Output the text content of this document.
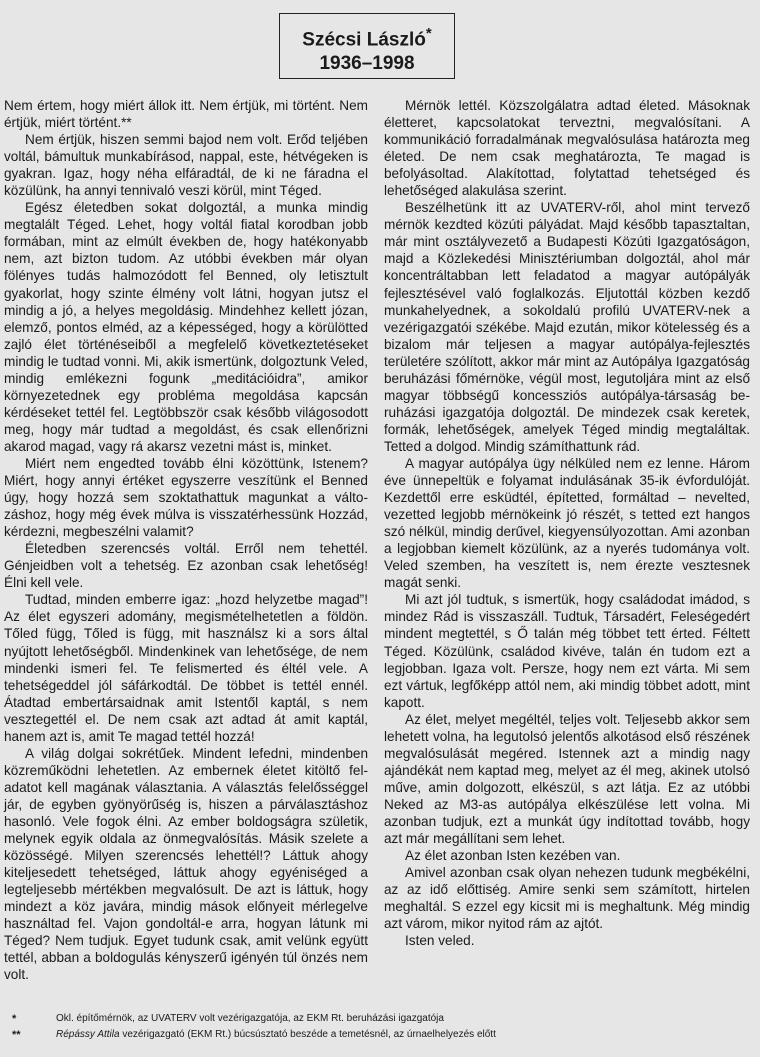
Szécsi László*
1936–1998

Nem értem, hogy miért állok itt. Nem értjük, mi történt. Nem értjük, miért történt.**

Nem értjük, hiszen semmi bajod nem volt. Erőd teljében voltál, bámultuk munkabírásod, nappal, este, hétvégeken is gyakran. Igaz, hogy néha elfáradtál, de ki ne fáradna el közülünk, ha annyi tennivaló veszi körül, mint Téged.

Egész életedben sokat dolgoztál, a munka mindig megtalált Téged. Lehet, hogy voltál fiatal korodban jobb formában, mint az elmúlt években de, hogy hatékonyabb nem, azt bizton tudom. Az utóbbi években már olyan fölényes tudás halmozódott fel Benned, oly letisztult gyakorlat, hogy szinte élmény volt látni, hogyan jutsz el mindig a jó, a helyes megoldásig. Mindehhez kellett józan, elemző, pontos elméd, az a képességed, hogy a körülötted zajló élet történéseiből a megfelelő következtetéseket mindig le tudtad vonni. Mi, akik ismertünk, dolgoztunk Veled, mindig emlékezni fogunk „meditációidra”, amikor környezetednek egy probléma megoldása kapcsán kérdéseket tettél fel. Legtöbbször csak később világosodott meg, hogy már tudtad a megoldást, és csak ellenőrizni akarod magad, vagy rá akarsz vezetni mást is, minket.

Miért nem engedted tovább élni közöttünk, Istenem? Miért, hogy annyi értéket egyszerre veszítünk el Benned úgy, hogy hozzá sem szoktathattuk magunkat a változáshoz, hogy még évek múlva is visszatérhessünk Hozzád, kérdezni, megbeszélni valamit?

Életedben szerencsés voltál. Erről nem tehettél. Génjeidben volt a tehetség. Ez azonban csak lehetőség! Élni kell vele.

Tudtad, minden emberre igaz: „hozd helyzetbe magad”! Az élet egyszeri adomány, megismételhetetlen a földön. Tőled függ, Tőled is függ, mit használsz ki a sors által nyújtott lehetőségből. Mindenkinek van lehetősége, de nem mindenki ismeri fel. Te felismerted és éltél vele. A tehetségeddel jól sáfárkodtál. De többet is tettél ennél. Átadtad embertársaidnak amit Istentől kaptál, s nem vesztegettél el. De nem csak azt adtad át amit kaptál, hanem azt is, amit Te magad tettél hozzá!

A világ dolgai sokrétűek. Mindent lefedni, mindenben közreműködni lehetetlen. Az embernek életet kitöltő feladatot kell magának választania. A választás felelősséggel jár, de egyben gyönyörűség is, hiszen a párválasztáshoz hasonló. Vele fogok élni. Az ember boldogságra születik, melynek egyik oldala az önmegvalósítás. Másik szelete a közösségé. Milyen szerencsés lehettél!? Láttuk ahogy kiteljesedett tehetséged, láttuk ahogy egyéniséged a legteljesebb mértékben megvalósult. De azt is láttuk, hogy mindezt a köz javára, mindig mások előnyeit mérlegelve használtad fel. Vajon gondoltál-e arra, hogyan látunk mi Téged? Nem tudjuk. Egyet tudunk csak, amit velünk együtt tettél, abban a boldogulás kényszerű igényén túl önzés nem volt.

Mérnök lettél. Közszolgálatra adtad életed. Másoknak életteret, kapcsolatokat terveztni, megvalósítani. A kommunikáció forradalmának megvalósulása határozta meg életed. De nem csak meghatározta, Te magad is befolyásoltad. Alakítottad, folytattad tehetséged és lehetőséged alakulása szerint.

Beszélhetünk itt az UVATERV-ről, ahol mint tervező mérnök kezdted közúti pályádat. Majd később tapasztaltan, már mint osztályvezető a Budapesti Közúti Igazgatóságon, majd a Közlekedési Minisztériumban dolgoztál, ahol már koncentráltabban lett feladatod a magyar autópályák fejlesztésével való foglalkozás. Eljutottál közben kezdő munkahelyednek, a sokoldalú profilú UVATERV-nek a vezérigazgatói székébe. Majd ezután, mikor kötelesség és a bizalom már teljesen a magyar autópálya-fejlesztés területére szólított, akkor már mint az Autópálya Igazgatóság beruházási főmérnöke, végül most, legutoljára mint az első magyar többségű koncessziós autópálya-társaság beruházási igazgatója dolgoztál. De mindezek csak keretek, formák, lehetőségek, amelyek Téged mindig megtaláltak. Tetted a dolgod. Mindig számíthattunk rád.

A magyar autópálya ügy nélküled nem ez lenne. Három éve ünnepeltük e folyamat indulásának 35-ik évfordulóját. Kezdettől erre esküdtél, építetted, formáltad – nevelted, vezetted legjobb mérnökeink jó részét, s tetted ezt hangos szó nélkül, mindig derűvel, kiegyensúlyozottan. Ami azonban a legjobban kiemelt közülünk, az a nyerés tudománya volt. Veled szemben, ha veszített is, nem érezte vesztesnek magát senki.

Mi azt jól tudtuk, s ismertük, hogy családodat imádod, s mindez Rád is visszaszáll. Tudtuk, Társadért, Feleségedért mindent megtettél, s Ő talán még többet tett érted. Féltett Téged. Közülünk, családod kivéve, talán én tudom ezt a legjobban. Igaza volt. Persze, hogy nem ezt várta. Mi sem ezt vártuk, legfőképp attól nem, aki mindig többet adott, mint kapott.

Az élet, melyet megéltél, teljes volt. Teljesebb akkor sem lehetett volna, ha legutolsó jelentős alkotásod első részének megvalósulását megéred. Istennek azt a mindig nagy ajándékát nem kaptad meg, melyet az él meg, akinek utolsó műve, amin dolgozott, elkészül, s azt látja. Ez az utóbbi Neked az M3-as autópálya elkészülése lett volna. Mi azonban tudjuk, ezt a munkát úgy indítottad tovább, hogy azt már megállítani sem lehet.

Az élet azonban Isten kezében van.

Amivel azonban csak olyan nehezen tudunk megbékélni, az az idő előttiség. Amire senki sem számított, hirtelen meghaltál. S ezzel egy kicsit mi is meghaltunk. Még mindig azt várom, mikor nyitod rám az ajtót.

Isten veled.

*	Okl. építőmérnök, az UVATERV volt vezérigazgatója, az EKM Rt. beruházási igazgatója
**	Répássy Attila vezérigazgató (EKM Rt.) búcsúsztató beszéde a temetésnél, az úrnaelhelyezés előtt
